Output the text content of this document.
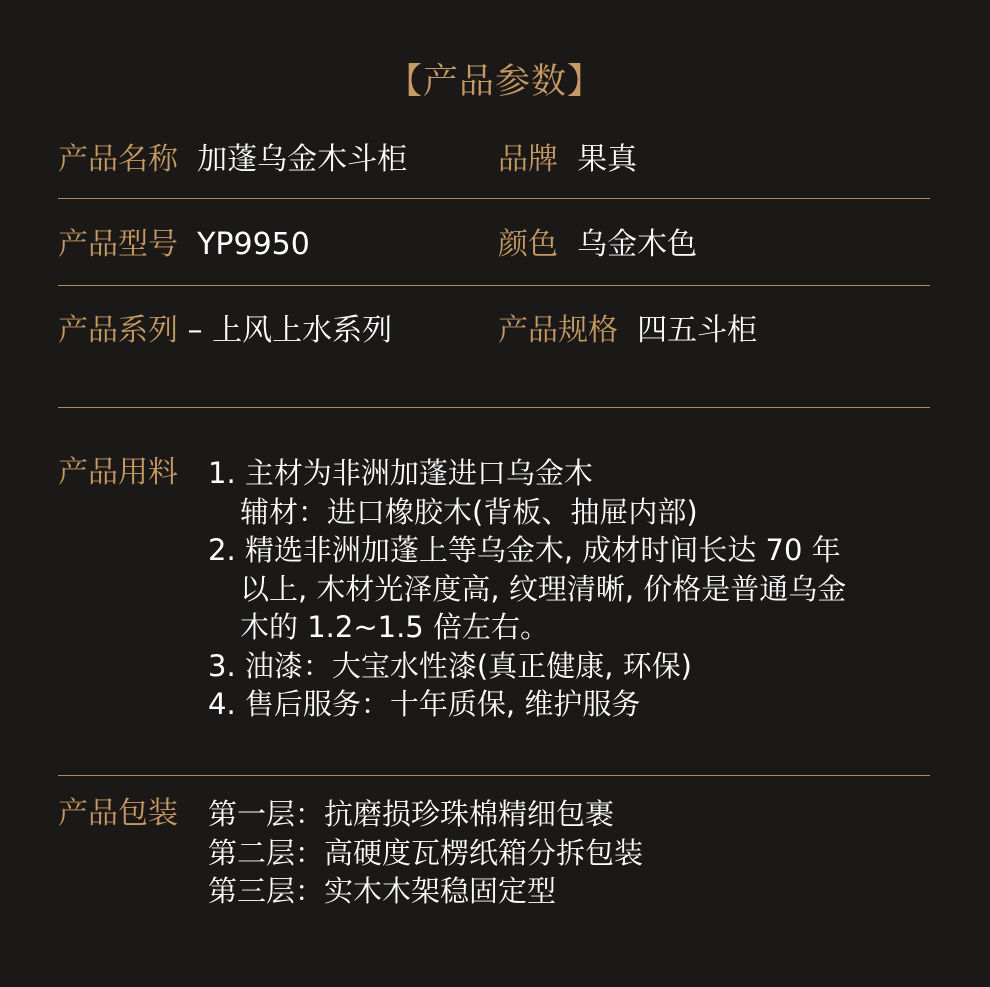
【产品参数】
产品名称 加蓬乌金木斗柜	品牌 果真
产品型号 YP9950	颜色 乌金木色
产品系列 – 上风上水系列	产品规格 四五斗柜
产品用料 1. 主材为非洲加蓬进口乌金木
辅材：进口橡胶木(背板、抽屉内部)
2. 精选非洲加蓬上等乌金木, 成材时间长达 70 年
以上, 木材光泽度高, 纹理清晰, 价格是普通乌金
木的 1.2~1.5 倍左右。
3. 油漆：大宝水性漆(真正健康, 环保)
4. 售后服务：十年质保, 维护服务
产品包装 第一层：抗磨损珍珠棉精细包裹
第二层：高硬度瓦楞纸箱分拆包装
第三层：实木木架稳固定型
